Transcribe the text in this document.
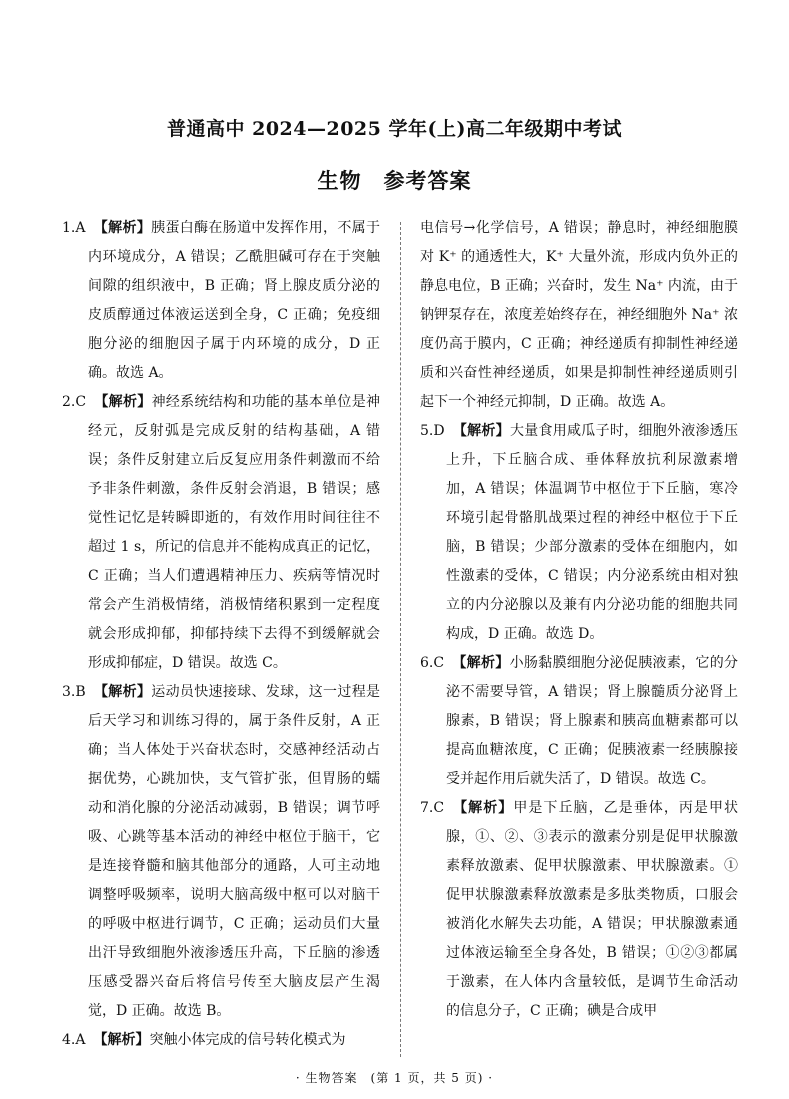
普通高中 2024—2025 学年(上)高二年级期中考试
生物　参考答案
1.A 【解析】胰蛋白酶在肠道中发挥作用，不属于内环境成分，A 错误；乙酰胆碱可存在于突触间隙的组织液中，B 正确；肾上腺皮质分泌的皮质醇通过体液运送到全身，C 正确；免疫细胞分泌的细胞因子属于内环境的成分，D 正确。故选 A。
2.C 【解析】神经系统结构和功能的基本单位是神经元，反射弧是完成反射的结构基础，A 错误；条件反射建立后反复应用条件刺激而不给予非条件刺激，条件反射会消退，B 错误；感觉性记忆是转瞬即逝的，有效作用时间往往不超过 1 s，所记的信息并不能构成真正的记忆，C 正确；当人们遭遇精神压力、疾病等情况时常会产生消极情绪，消极情绪积累到一定程度就会形成抑郁，抑郁持续下去得不到缓解就会形成抑郁症，D 错误。故选 C。
3.B 【解析】运动员快速接球、发球，这一过程是后天学习和训练习得的，属于条件反射，A 正确；当人体处于兴奋状态时，交感神经活动占据优势，心跳加快，支气管扩张，但胃肠的蠕动和消化腺的分泌活动减弱，B 错误；调节呼吸、心跳等基本活动的神经中枢位于脑干，它是连接脊髓和脑其他部分的通路，人可主动地调整呼吸频率，说明大脑高级中枢可以对脑干的呼吸中枢进行调节，C 正确；运动员们大量出汗导致细胞外液渗透压升高，下丘脑的渗透压感受器兴奋后将信号传至大脑皮层产生渴觉，D 正确。故选 B。
4.A 【解析】突触小体完成的信号转化模式为
电信号→化学信号，A 错误；静息时，神经细胞膜对 K⁺ 的通透性大，K⁺ 大量外流，形成内负外正的静息电位，B 正确；兴奋时，发生 Na⁺ 内流，由于钠钾泵存在，浓度差始终存在，神经细胞外 Na⁺ 浓度仍高于膜内，C 正确；神经递质有抑制性神经递质和兴奋性神经递质，如果是抑制性神经递质则引起下一个神经元抑制，D 正确。故选 A。
5.D 【解析】大量食用咸瓜子时，细胞外液渗透压上升，下丘脑合成、垂体释放抗利尿激素增加，A 错误；体温调节中枢位于下丘脑，寒冷环境引起骨骼肌战栗过程的神经中枢位于下丘脑，B 错误；少部分激素的受体在细胞内，如性激素的受体，C 错误；内分泌系统由相对独立的内分泌腺以及兼有内分泌功能的细胞共同构成，D 正确。故选 D。
6.C 【解析】小肠黏膜细胞分泌促胰液素，它的分泌不需要导管，A 错误；肾上腺髓质分泌肾上腺素，B 错误；肾上腺素和胰高血糖素都可以提高血糖浓度，C 正确；促胰液素一经胰腺接受并起作用后就失活了，D 错误。故选 C。
7.C 【解析】甲是下丘脑，乙是垂体，丙是甲状腺，①、②、③表示的激素分别是促甲状腺激素释放激素、促甲状腺激素、甲状腺激素。①促甲状腺激素释放激素是多肽类物质，口服会被消化水解失去功能，A 错误；甲状腺激素通过体液运输至全身各处，B 错误；①②③都属于激素，在人体内含量较低，是调节生命活动的信息分子，C 正确；碘是合成甲
· 生物答案　(第 1 页，共 5 页) ·
